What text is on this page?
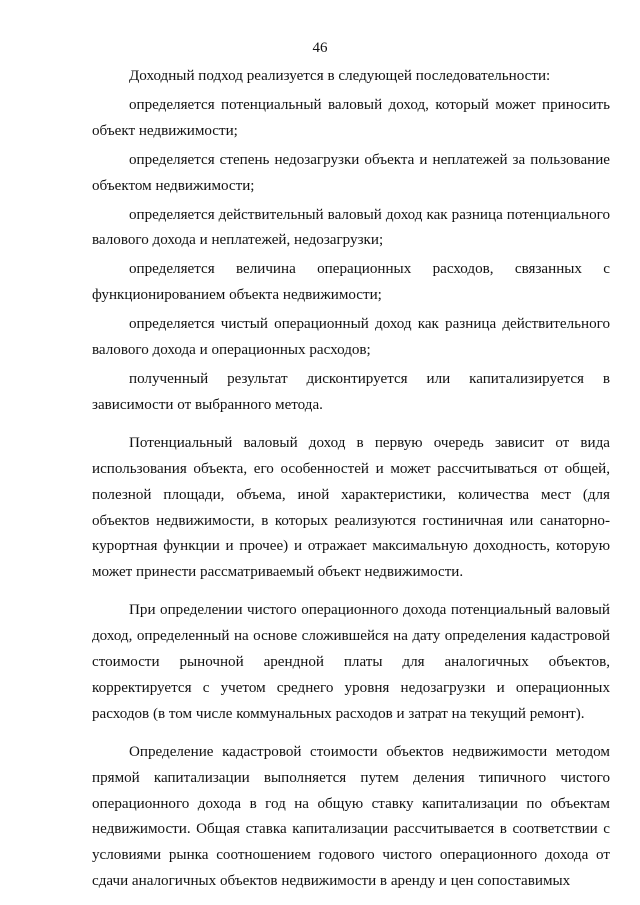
46

Доходный подход реализуется в следующей последовательности:

определяется потенциальный валовый доход, который может приносить объект недвижимости;

определяется степень недозагрузки объекта и неплатежей за пользование объектом недвижимости;

определяется действительный валовый доход как разница потенциального валового дохода и неплатежей, недозагрузки;

определяется величина операционных расходов, связанных с функционированием объекта недвижимости;

определяется чистый операционный доход как разница действительного валового дохода и операционных расходов;

полученный результат дисконтируется или капитализируется в зависимости от выбранного метода.

Потенциальный валовый доход в первую очередь зависит от вида использования объекта, его особенностей и может рассчитываться от общей, полезной площади, объема, иной характеристики, количества мест (для объектов недвижимости, в которых реализуются гостиничная или санаторно-курортная функции и прочее) и отражает максимальную доходность, которую может принести рассматриваемый объект недвижимости.

При определении чистого операционного дохода потенциальный валовый доход, определенный на основе сложившейся на дату определения кадастровой стоимости рыночной арендной платы для аналогичных объектов, корректируется с учетом среднего уровня недозагрузки и операционных расходов (в том числе коммунальных расходов и затрат на текущий ремонт).

Определение кадастровой стоимости объектов недвижимости методом прямой капитализации выполняется путем деления типичного чистого операционного дохода в год на общую ставку капитализации по объектам недвижимости. Общая ставка капитализации рассчитывается в соответствии с условиями рынка соотношением годового чистого операционного дохода от сдачи аналогичных объектов недвижимости в аренду и цен сопоставимых
